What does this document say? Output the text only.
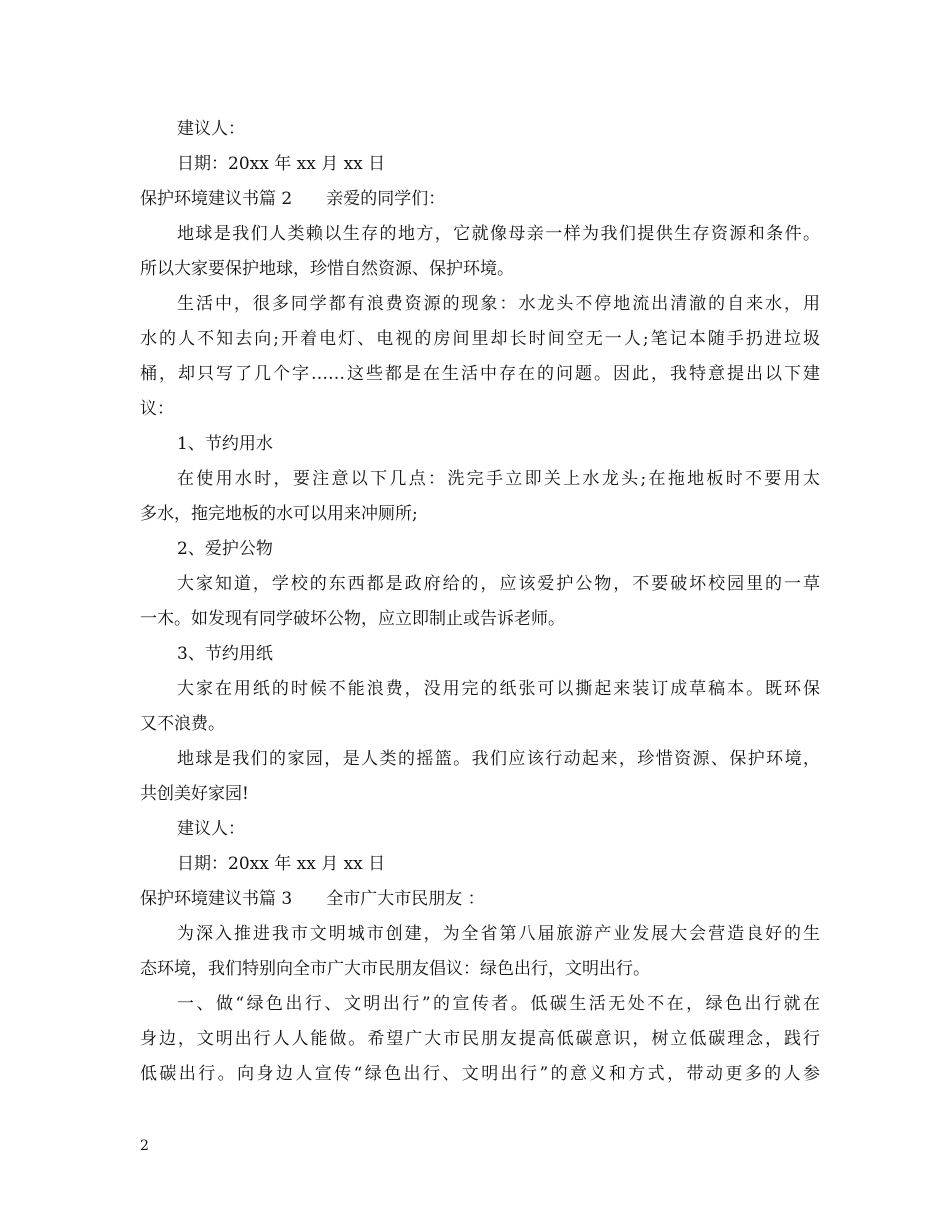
建议人：
日期：20xx 年 xx 月 xx 日
保护环境建议书篇 2　　亲爱的同学们：
地球是我们人类赖以生存的地方，它就像母亲一样为我们提供生存资源和条件。
所以大家要保护地球，珍惜自然资源、保护环境。
生活中，很多同学都有浪费资源的现象：水龙头不停地流出清澈的自来水，用
水的人不知去向;开着电灯、电视的房间里却长时间空无一人;笔记本随手扔进垃圾
桶，却只写了几个字……这些都是在生活中存在的问题。因此，我特意提出以下建
议：
1、节约用水
在使用水时，要注意以下几点：洗完手立即关上水龙头;在拖地板时不要用太
多水，拖完地板的水可以用来冲厕所;
2、爱护公物
大家知道，学校的东西都是政府给的，应该爱护公物，不要破坏校园里的一草
一木。如发现有同学破坏公物，应立即制止或告诉老师。
3、节约用纸
大家在用纸的时候不能浪费，没用完的纸张可以撕起来装订成草稿本。既环保
又不浪费。
地球是我们的家园，是人类的摇篮。我们应该行动起来，珍惜资源、保护环境，
共创美好家园!
建议人：
日期：20xx 年 xx 月 xx 日
保护环境建议书篇 3　　全市广大市民朋友 ：
为深入推进我市文明城市创建，为全省第八届旅游产业发展大会营造良好的生
态环境，我们特别向全市广大市民朋友倡议：绿色出行，文明出行。
一、做“绿色出行、文明出行”的宣传者。低碳生活无处不在，绿色出行就在
身边，文明出行人人能做。希望广大市民朋友提高低碳意识，树立低碳理念，践行
低碳出行。向身边人宣传“绿色出行、文明出行”的意义和方式，带动更多的人参
2
